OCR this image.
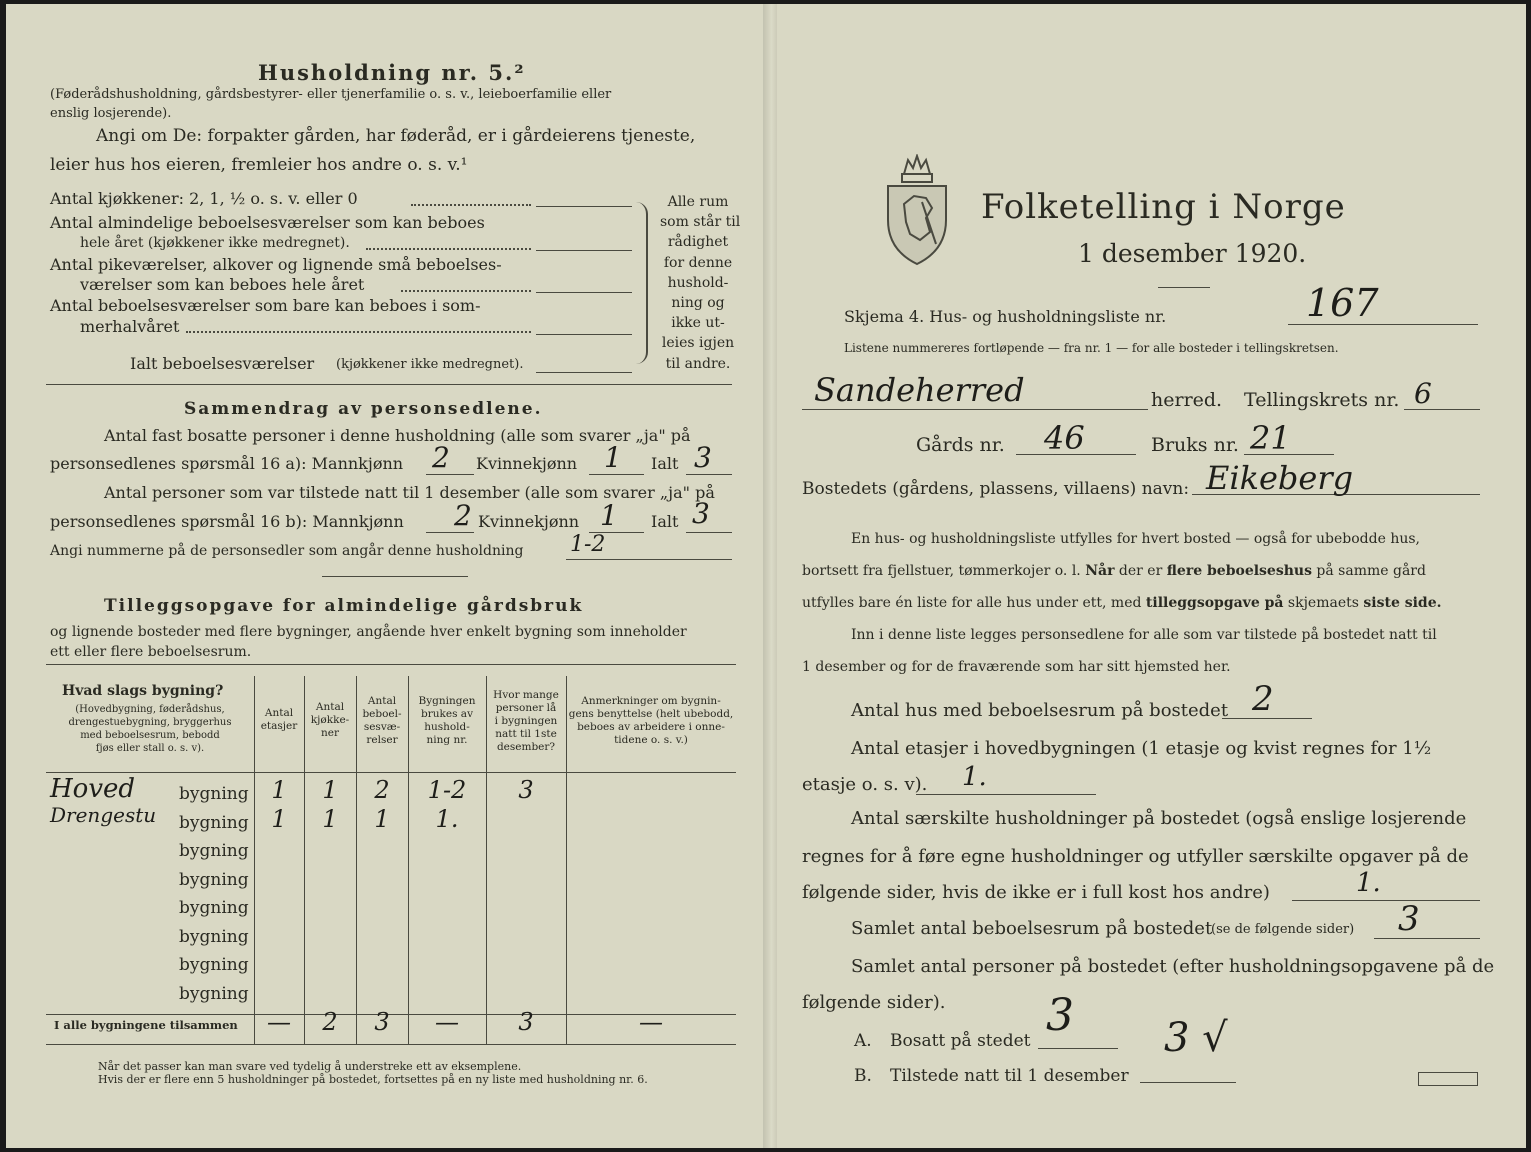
Husholdning nr. 5.²
(Føderådshusholdning, gårdsbestyrer- eller tjenerfamilie o. s. v., leieboerfamilie eller
enslig losjerende).
Angi om De: forpakter gården, har føderåd, er i gårdeierens tjeneste,
leier hus hos eieren, fremleier hos andre o. s. v.¹
Antal kjøkkener: 2, 1, ½ o. s. v. eller 0
Antal almindelige beboelsesværelser som kan beboes
hele året (kjøkkener ikke medregnet).
Antal pikeværelser, alkover og lignende små beboelses-
værelser som kan beboes hele året
Antal beboelsesværelser som bare kan beboes i som-
merhalvåret
Ialt beboelsesværelser (kjøkkener ikke medregnet).
Alle rum
som står til
rådighet
for denne
hushold-
ning og
ikke ut-
leies igjen
til andre.
Sammendrag av personsedlene.
Antal fast bosatte personer i denne husholdning (alle som svarer „ja" på
personsedlenes spørsmål 16 a): Mannkjønn 2 Kvinnekjønn 1 Ialt 3
Antal personer som var tilstede natt til 1 desember (alle som svarer „ja" på
personsedlenes spørsmål 16 b): Mannkjønn 2 Kvinnekjønn 1 Ialt 3
Angi nummerne på de personsedler som angår denne husholdning 1-2
Tilleggsopgave for almindelige gårdsbruk
og lignende bosteder med flere bygninger, angående hver enkelt bygning som inneholder
ett eller flere beboelsesrum.
Hvad slags bygning?
(Hovedbygning, føderådshus,
drengestuebygning, bryggerhus
med beboelsesrum, bebodd
fjøs eller stall o. s. v).
Antal
etasjer
Antal
kjøkke-
ner
Antal
beboel-
sesvæ-
relser
Bygningen
brukes av
hushold-
ning nr.
Hvor mange
personer lå
i bygningen
natt til 1ste
desember?
Anmerkninger om bygnin-
gens benyttelse (helt ubebodd,
beboes av arbeidere i onne-
tidene o. s. v.)
bygning
Hoved	1	1	2	1-2	3
bygning
Drengestu	1	1	1	1.
bygning
bygning
bygning
bygning
bygning
bygning
I alle bygningene tilsammen	—	2	3	—	3	—
Når det passer kan man svare ved tydelig å understreke ett av eksemplene.
Hvis der er flere enn 5 husholdninger på bostedet, fortsettes på en ny liste med husholdning nr. 6.
Folketelling i Norge
1 desember 1920.
Skjema 4. Hus- og husholdningsliste nr.	167
Listene nummereres fortløpende — fra nr. 1 — for alle bosteder i tellingskretsen.
Sandeherred	herred. Tellingskrets nr. 6
Gårds nr. 46	Bruks nr. 21
Bostedets (gårdens, plassens, villaens) navn: Eikeberg
En hus- og husholdningsliste utfylles for hvert bosted — også for ubebodde hus,
bortsett fra fjellstuer, tømmerkojer o. l. Når der er flere beboelseshus på samme gård
utfylles bare én liste for alle hus under ett, med tilleggsopgave på skjemaets siste side.
Inn i denne liste legges personsedlene for alle som var tilstede på bostedet natt til
1 desember og for de fraværende som har sitt hjemsted her.
Antal hus med beboelsesrum på bostedet 2
Antal etasjer i hovedbygningen (1 etasje og kvist regnes for 1½
etasje o. s. v). 1.
Antal særskilte husholdninger på bostedet (også enslige losjerende
regnes for å føre egne husholdninger og utfyller særskilte opgaver på de
følgende sider, hvis de ikke er i full kost hos andre)	1.
Samlet antal beboelsesrum på bostedet
(se de følgende sider) 3
Samlet antal personer på bostedet (efter husholdningsopgavene på de
følgende sider).
A. Bosatt på stedet 3
B. Tilstede natt til 1 desember
3 √
